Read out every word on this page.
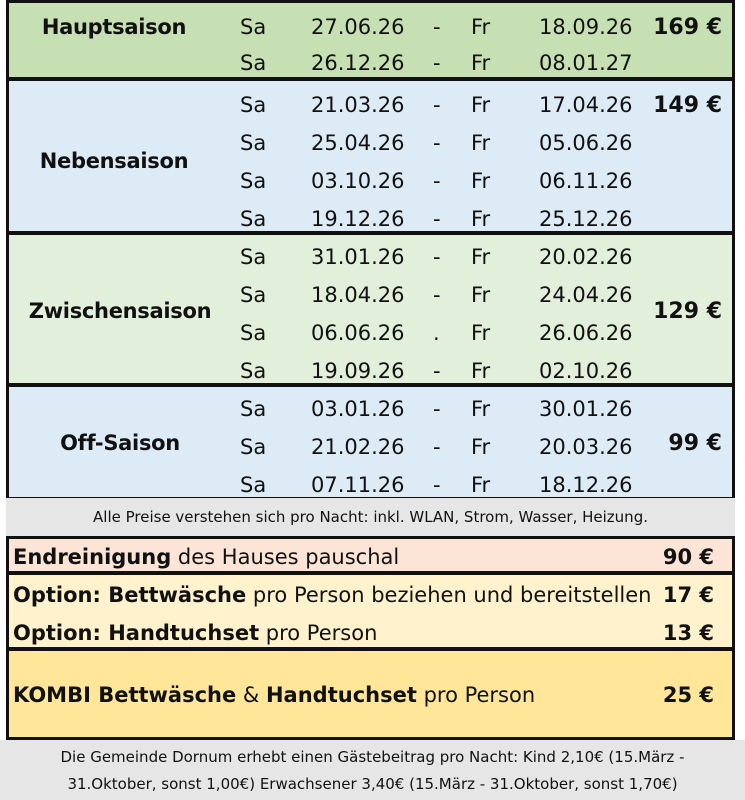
Hauptsaison	169 €
Sa 27.06.26 - Fr 18.09.26
Sa 26.12.26 - Fr 08.01.27
Nebensaison
149 €
Sa 21.03.26 - Fr 17.04.26
Sa 25.04.26 - Fr 05.06.26
Sa 03.10.26 - Fr 06.11.26
Sa 19.12.26 - Fr 25.12.26
Zwischensaison	129 €
Sa 31.01.26 - Fr 20.02.26
Sa 18.04.26 - Fr 24.04.26
Sa 06.06.26 . Fr 26.06.26
Sa 19.09.26 - Fr 02.10.26
Off-Saison	99 €
Sa 03.01.26 - Fr 30.01.26
Sa 21.02.26 - Fr 20.03.26
Sa 07.11.26 - Fr 18.12.26
Alle Preise verstehen sich pro Nacht: inkl. WLAN, Strom, Wasser, Heizung.
Endreinigung des Hauses pauschal	90 €
Option: Bettwäsche pro Person beziehen und bereitstellen 17 €
Option: Handtuchset pro Person	13 €
KOMBI Bettwäsche & Handtuchset pro Person	25 €
Die Gemeinde Dornum erhebt einen Gästebeitrag pro Nacht: Kind 2,10€ (15.März -
31.Oktober, sonst 1,00€) Erwachsener 3,40€ (15.März - 31.Oktober, sonst 1,70€)
